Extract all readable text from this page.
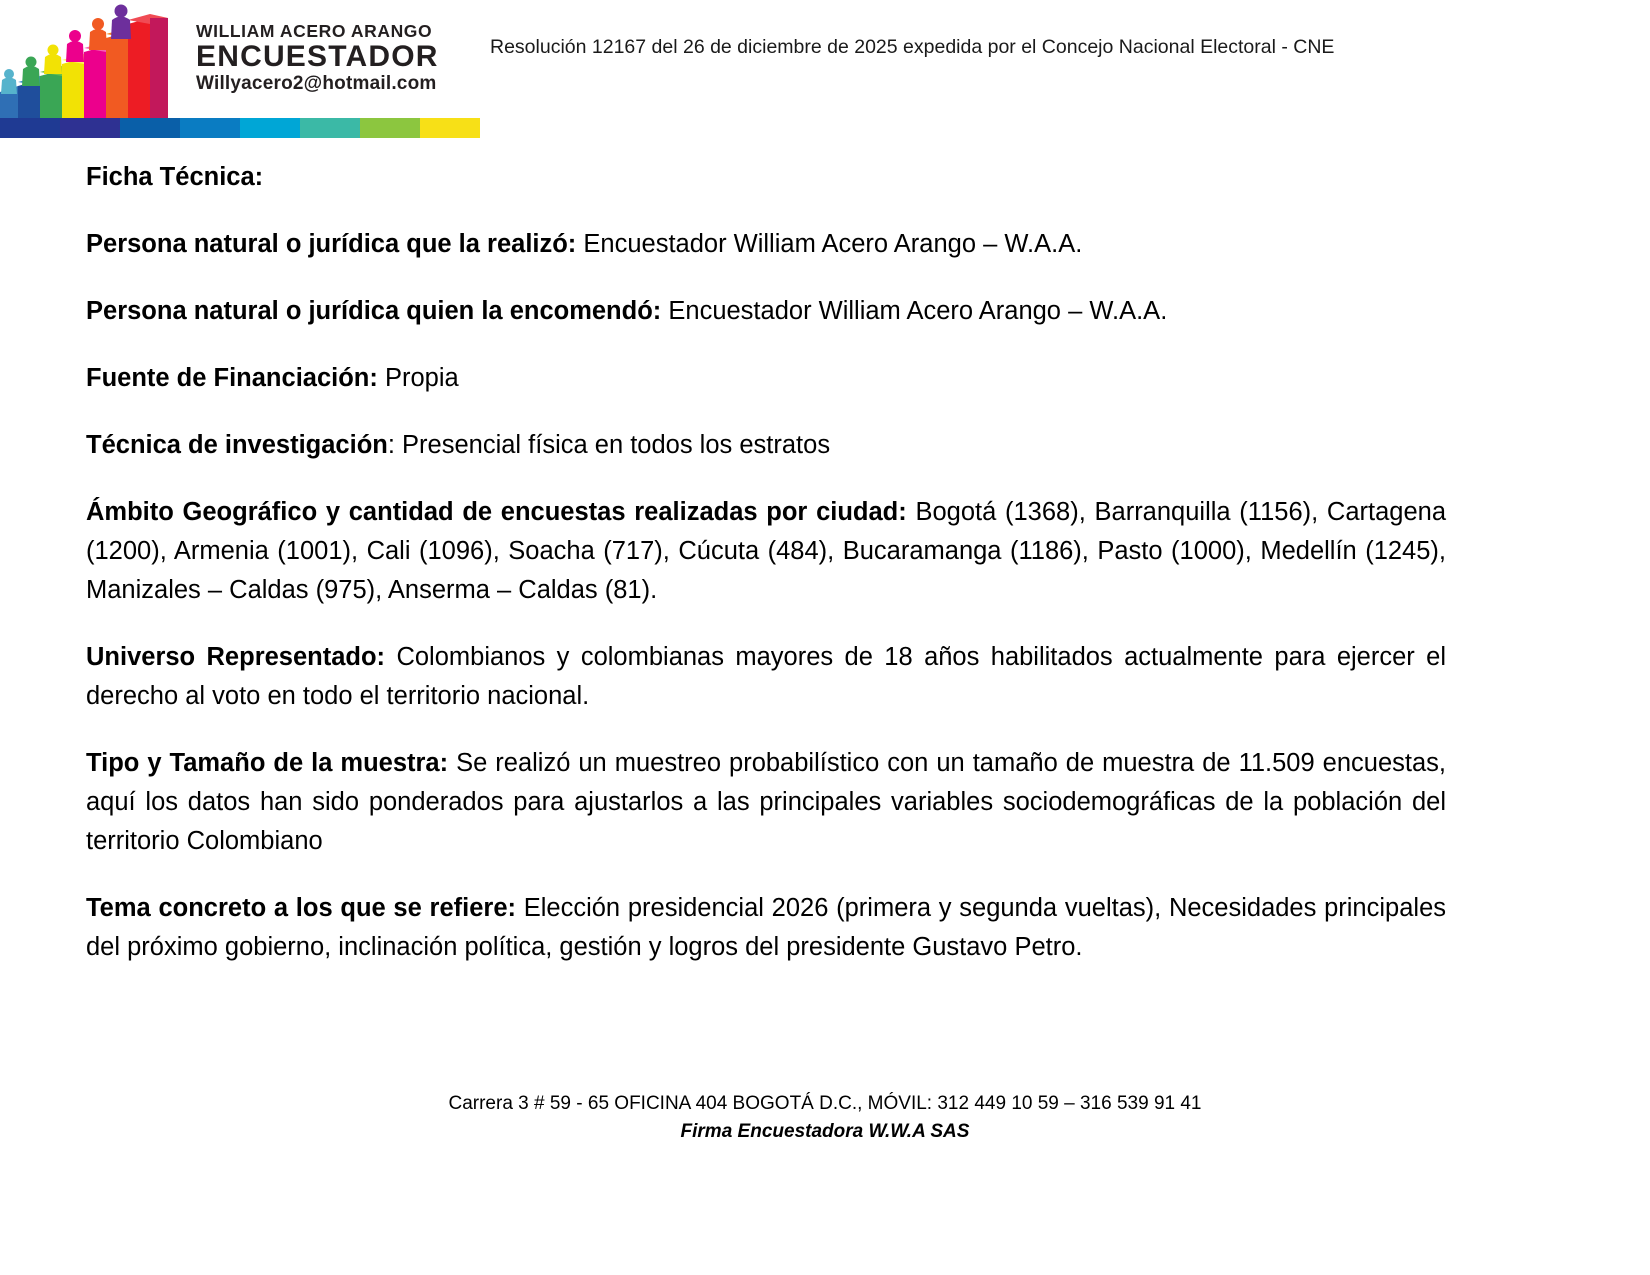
WILLIAM ACERO ARANGO
ENCUESTADOR
Willyacero2@hotmail.com
Resolución 12167 del 26 de diciembre de 2025 expedida por el Concejo Nacional Electoral - CNE

Ficha Técnica:

Persona natural o jurídica que la realizó: Encuestador William Acero Arango – W.A.A.

Persona natural o jurídica quien la encomendó: Encuestador William Acero Arango – W.A.A.

Fuente de Financiación: Propia

Técnica de investigación: Presencial física en todos los estratos

Ámbito Geográfico y cantidad de encuestas realizadas por ciudad: Bogotá (1368), Barranquilla (1156), Cartagena (1200), Armenia (1001), Cali (1096), Soacha (717), Cúcuta (484), Bucaramanga (1186), Pasto (1000), Medellín (1245), Manizales – Caldas (975), Anserma – Caldas (81).

Universo Representado: Colombianos y colombianas mayores de 18 años habilitados actualmente para ejercer el derecho al voto en todo el territorio nacional.

Tipo y Tamaño de la muestra: Se realizó un muestreo probabilístico con un tamaño de muestra de 11.509 encuestas, aquí los datos han sido ponderados para ajustarlos a las principales variables sociodemográficas de la población del territorio Colombiano

Tema concreto a los que se refiere: Elección presidencial 2026 (primera y segunda vueltas), Necesidades principales del próximo gobierno, inclinación política, gestión y logros del presidente Gustavo Petro.

Carrera 3 # 59 - 65 OFICINA 404 BOGOTÁ D.C., MÓVIL: 312 449 10 59 – 316 539 91 41
Firma Encuestadora W.W.A SAS
